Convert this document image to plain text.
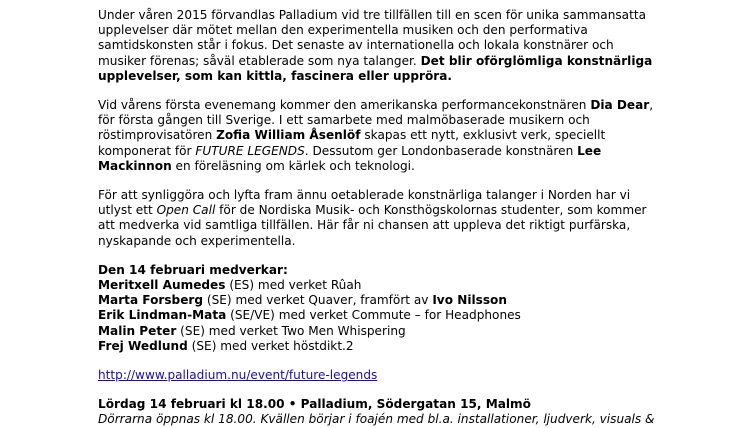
Under våren 2015 förvandlas Palladium vid tre tillfällen till en scen för unika sammansatta upplevelser där mötet mellan den experimentella musiken och den performativa samtidskonsten står i fokus. Det senaste av internationella och lokala konstnärer och musiker förenas; såväl etablerade som nya talanger. Det blir oförglömliga konstnärliga upplevelser, som kan kittla, fascinera eller uppröra.

Vid vårens första evenemang kommer den amerikanska performancekonstnären Dia Dear, för första gången till Sverige. I ett samarbete med malmöbaserade musikern och röstimprovisatören Zofia William Åsenlöf skapas ett nytt, exklusivt verk, speciellt komponerat för FUTURE LEGENDS. Dessutom ger Londonbaserade konstnären Lee Mackinnon en föreläsning om kärlek och teknologi.

För att synliggöra och lyfta fram ännu oetablerade konstnärliga talanger i Norden har vi utlyst ett Open Call för de Nordiska Musik- och Konsthögskolornas studenter, som kommer att medverka vid samtliga tillfällen. Här får ni chansen att uppleva det riktigt purfärska, nyskapande och experimentella.

Den 14 februari medverkar:
Meritxell Aumedes (ES) med verket Rûah
Marta Forsberg (SE) med verket Quaver, framfört av Ivo Nilsson
Erik Lindman-Mata (SE/VE) med verket Commute – for Headphones
Malin Peter (SE) med verket Two Men Whispering
Frej Wedlund (SE) med verket höstdikt.2

http://www.palladium.nu/event/future-legends

Lördag 14 februari kl 18.00 • Palladium, Södergatan 15, Malmö
Dörrarna öppnas kl 18.00. Kvällen börjar i foajén med bl.a. installationer, ljudverk, visuals &
